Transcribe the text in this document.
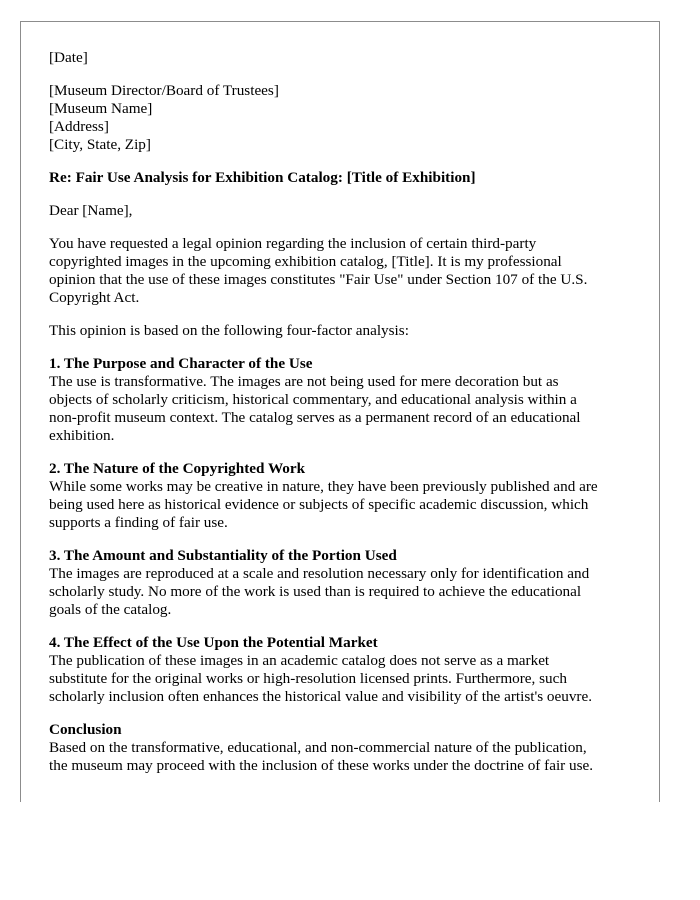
[Date]
[Museum Director/Board of Trustees]
[Museum Name]
[Address]
[City, State, Zip]
Re: Fair Use Analysis for Exhibition Catalog: [Title of Exhibition]
Dear [Name],

You have requested a legal opinion regarding the inclusion of certain third-party
copyrighted images in the upcoming exhibition catalog, [Title]. It is my professional
opinion that the use of these images constitutes "Fair Use" under Section 107 of the U.S.
Copyright Act.

This opinion is based on the following four-factor analysis:
1. The Purpose and Character of the Use
The use is transformative. The images are not being used for mere decoration but as
objects of scholarly criticism, historical commentary, and educational analysis within a
non-profit museum context. The catalog serves as a permanent record of an educational
exhibition.
2. The Nature of the Copyrighted Work
While some works may be creative in nature, they have been previously published and are
being used here as historical evidence or subjects of specific academic discussion, which
supports a finding of fair use.
3. The Amount and Substantiality of the Portion Used
The images are reproduced at a scale and resolution necessary only for identification and
scholarly study. No more of the work is used than is required to achieve the educational
goals of the catalog.
4. The Effect of the Use Upon the Potential Market
The publication of these images in an academic catalog does not serve as a market
substitute for the original works or high-resolution licensed prints. Furthermore, such
scholarly inclusion often enhances the historical value and visibility of the artist's oeuvre.
Conclusion
Based on the transformative, educational, and non-commercial nature of the publication,
the museum may proceed with the inclusion of these works under the doctrine of fair use.
